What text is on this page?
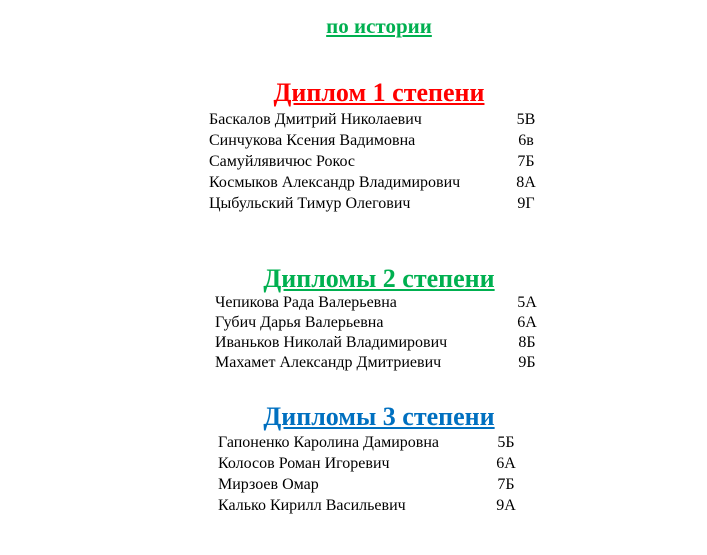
по истории
Диплом 1 степени
Баскалов Дмитрий Николаевич	5В
Синчукова Ксения Вадимовна	6в
Самуйлявичюс Рокос	7Б
Космыков Александр Владимирович	8А
Цыбульский Тимур Олегович	9Г
Дипломы 2 степени
Чепикова Рада Валерьевна	5А
Губич Дарья Валерьевна	6А
Иваньков Николай Владимирович	8Б
Махамет Александр Дмитриевич	9Б
Дипломы 3 степени
Гапоненко Каролина Дамировна	5Б
Колосов Роман Игоревич	6А
Мирзоев Омар	7Б
Калько Кирилл Васильевич	9А
